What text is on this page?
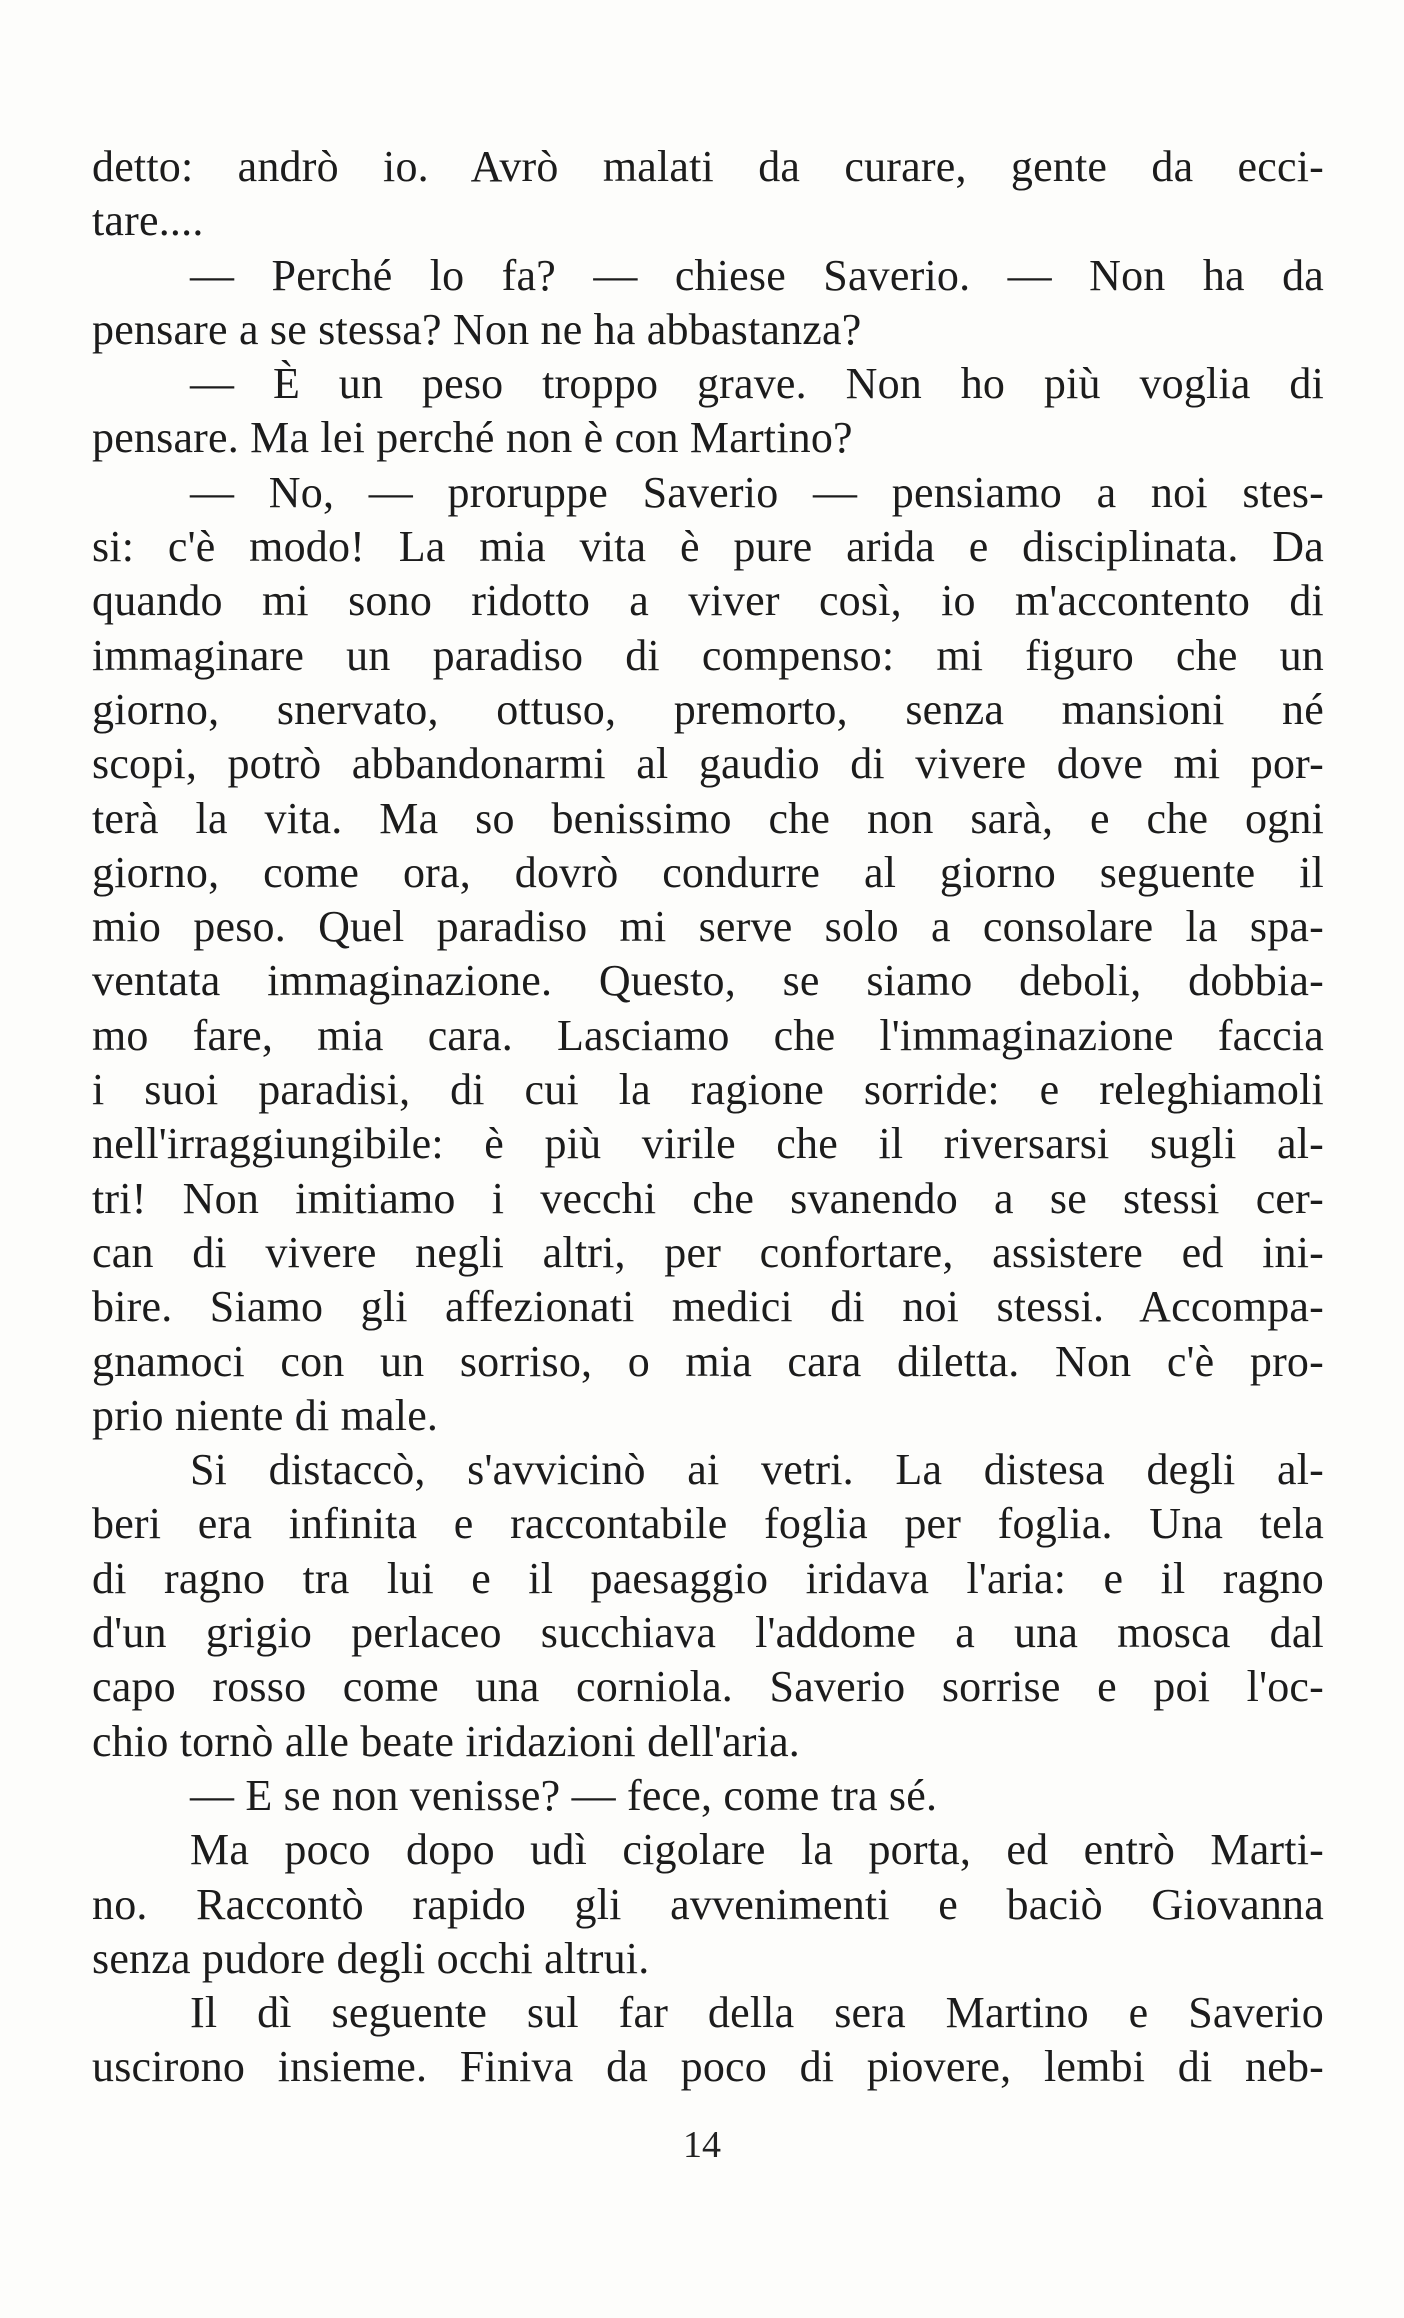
detto: andrò io. Avrò malati da curare, gente da ecci-
tare....
— Perché lo fa? — chiese Saverio. — Non ha da
pensare a se stessa? Non ne ha abbastanza?
— È un peso troppo grave. Non ho più voglia di
pensare. Ma lei perché non è con Martino?
— No, — proruppe Saverio — pensiamo a noi stes-
si: c'è modo! La mia vita è pure arida e disciplinata. Da
quando mi sono ridotto a viver così, io m'accontento di
immaginare un paradiso di compenso: mi figuro che un
giorno, snervato, ottuso, premorto, senza mansioni né
scopi, potrò abbandonarmi al gaudio di vivere dove mi por-
terà la vita. Ma so benissimo che non sarà, e che ogni
giorno, come ora, dovrò condurre al giorno seguente il
mio peso. Quel paradiso mi serve solo a consolare la spa-
ventata immaginazione. Questo, se siamo deboli, dobbia-
mo fare, mia cara. Lasciamo che l'immaginazione faccia
i suoi paradisi, di cui la ragione sorride: e releghiamoli
nell'irraggiungibile: è più virile che il riversarsi sugli al-
tri! Non imitiamo i vecchi che svanendo a se stessi cer-
can di vivere negli altri, per confortare, assistere ed ini-
bire. Siamo gli affezionati medici di noi stessi. Accompa-
gnamoci con un sorriso, o mia cara diletta. Non c'è pro-
prio niente di male.
Si distaccò, s'avvicinò ai vetri. La distesa degli al-
beri era infinita e raccontabile foglia per foglia. Una tela
di ragno tra lui e il paesaggio iridava l'aria: e il ragno
d'un grigio perlaceo succhiava l'addome a una mosca dal
capo rosso come una corniola. Saverio sorrise e poi l'oc-
chio tornò alle beate iridazioni dell'aria.
— E se non venisse? — fece, come tra sé.
Ma poco dopo udì cigolare la porta, ed entrò Marti-
no. Raccontò rapido gli avvenimenti e baciò Giovanna
senza pudore degli occhi altrui.
Il dì seguente sul far della sera Martino e Saverio
uscirono insieme. Finiva da poco di piovere, lembi di neb-
14
